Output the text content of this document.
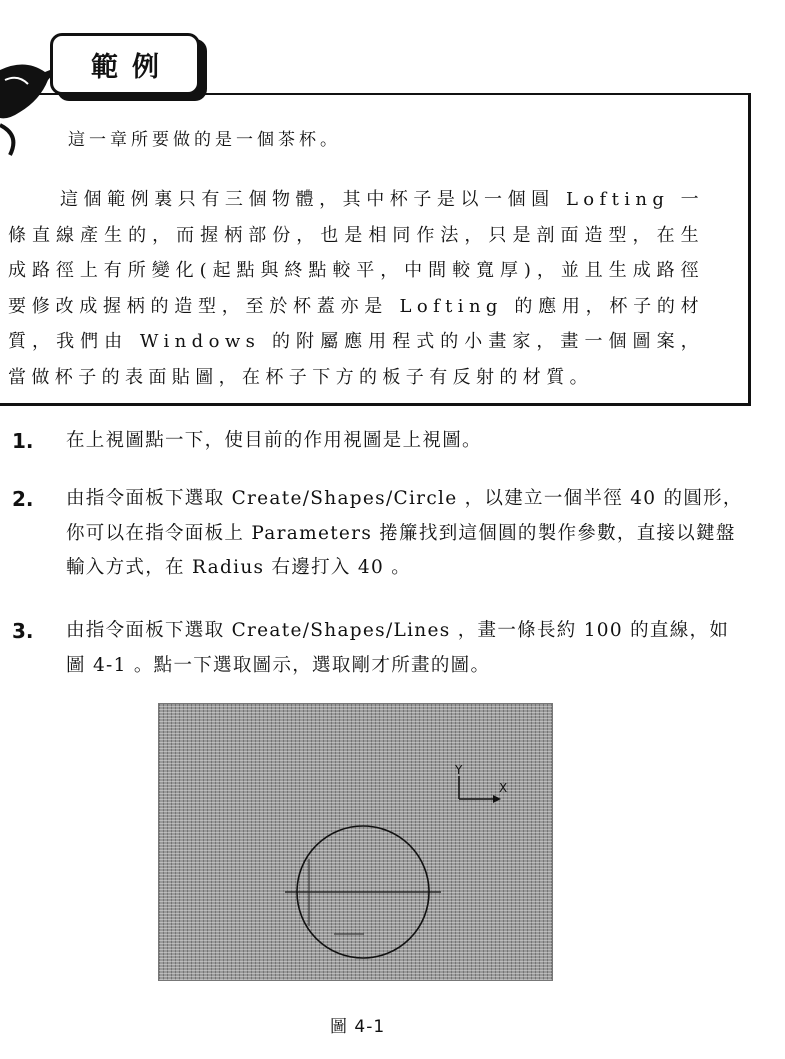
範例

這一章所要做的是一個茶杯。

這個範例裏只有三個物體，其中杯子是以一個圓 Lofting 一條直線產生的，而握柄部份，也是相同作法，只是剖面造型，在生成路徑上有所變化(起點與終點較平，中間較寬厚)，並且生成路徑要修改成握柄的造型，至於杯蓋亦是 Lofting 的應用，杯子的材質，我們由 Windows 的附屬應用程式的小畫家，畫一個圖案，當做杯子的表面貼圖，在杯子下方的板子有反射的材質。

1. 在上視圖點一下，使目前的作用視圖是上視圖。

2. 由指令面板下選取 Create/Shapes/Circle ，以建立一個半徑 40 的圓形，你可以在指令面板上 Parameters 捲簾找到這個圓的製作參數，直接以鍵盤輸入方式，在 Radius 右邊打入 40 。

3. 由指令面板下選取 Create/Shapes/Lines ，畫一條長約 100 的直線，如圖 4-1 。點一下選取圖示，選取剛才所畫的圖。

Y
X
圖 4-1
